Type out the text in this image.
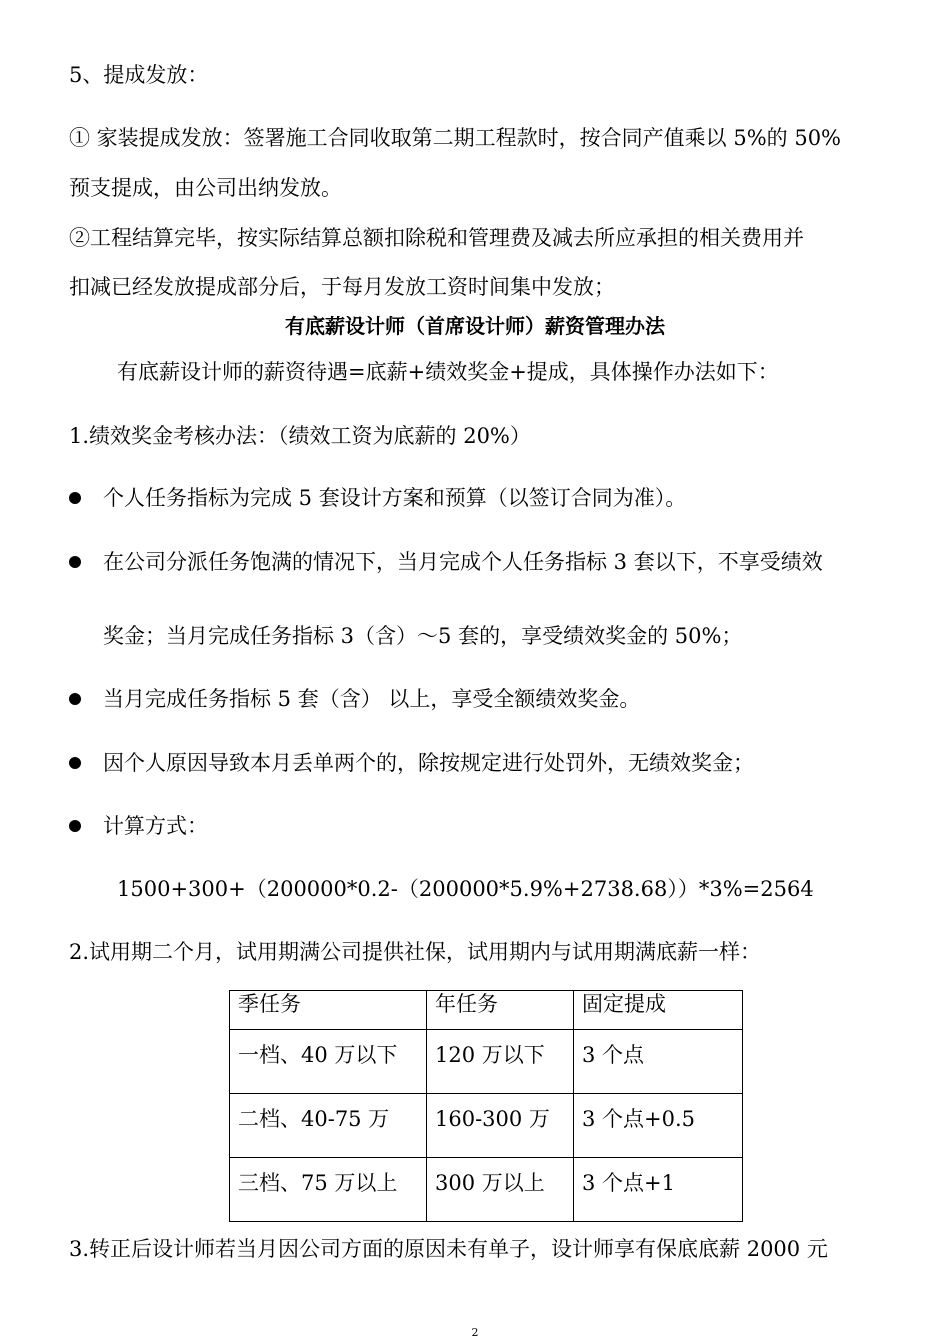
5、提成发放：
① 家装提成发放：签署施工合同收取第二期工程款时，按合同产值乘以 5%的 50%
预支提成，由公司出纳发放。
②工程结算完毕，按实际结算总额扣除税和管理费及减去所应承担的相关费用并
扣减已经发放提成部分后，于每月发放工资时间集中发放；
有底薪设计师（首席设计师）薪资管理办法
有底薪设计师的薪资待遇=底薪+绩效奖金+提成，具体操作办法如下：
1.绩效奖金考核办法：（绩效工资为底薪的 20%）
个人任务指标为完成 5 套设计方案和预算（以签订合同为准）。
在公司分派任务饱满的情况下，当月完成个人任务指标 3 套以下，不享受绩效
奖金；当月完成任务指标 3（含）～5 套的，享受绩效奖金的 50%；
当月完成任务指标 5 套（含） 以上，享受全额绩效奖金。
因个人原因导致本月丢单两个的，除按规定进行处罚外，无绩效奖金；
计算方式：
1500+300+（200000*0.2-（200000*5.9%+2738.68））*3%=2564
2.试用期二个月，试用期满公司提供社保，试用期内与试用期满底薪一样：
季任务	年任务	固定提成
一档、40 万以下	120 万以下	3 个点
二档、40-75 万	160-300 万	3 个点+0.5
三档、75 万以上	300 万以上	3 个点+1
3.转正后设计师若当月因公司方面的原因未有单子，设计师享有保底底薪 2000 元
2
